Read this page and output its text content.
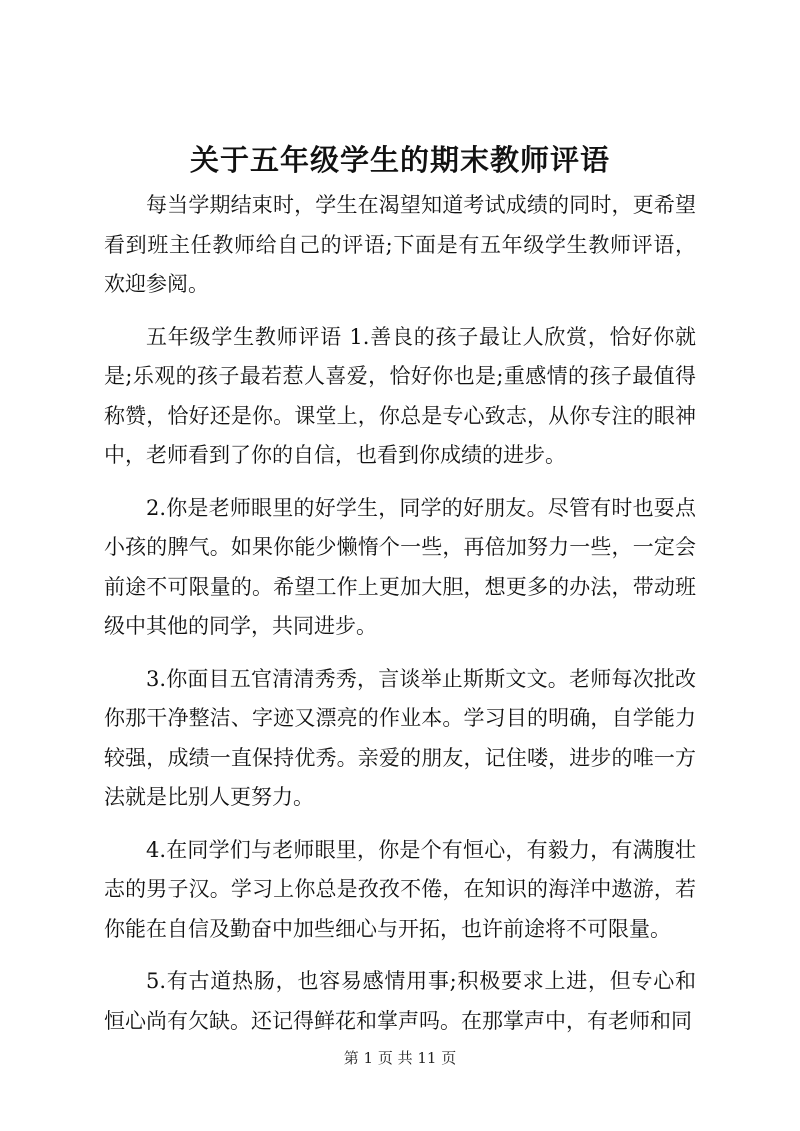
关于五年级学生的期末教师评语

每当学期结束时，学生在渴望知道考试成绩的同时，更希望看到班主任教师给自己的评语;下面是有五年级学生教师评语，欢迎参阅。

五年级学生教师评语 1.善良的孩子最让人欣赏，恰好你就是;乐观的孩子最若惹人喜爱，恰好你也是;重感情的孩子最值得称赞，恰好还是你。课堂上，你总是专心致志，从你专注的眼神中，老师看到了你的自信，也看到你成绩的进步。

2.你是老师眼里的好学生，同学的好朋友。尽管有时也耍点小孩的脾气。如果你能少懒惰个一些，再倍加努力一些，一定会前途不可限量的。希望工作上更加大胆，想更多的办法，带动班级中其他的同学，共同进步。

3.你面目五官清清秀秀，言谈举止斯斯文文。老师每次批改你那干净整洁、字迹又漂亮的作业本。学习目的明确，自学能力较强，成绩一直保持优秀。亲爱的朋友，记住喽，进步的唯一方法就是比别人更努力。

4.在同学们与老师眼里，你是个有恒心，有毅力，有满腹壮志的男子汉。学习上你总是孜孜不倦，在知识的海洋中遨游，若你能在自信及勤奋中加些细心与开拓，也许前途将不可限量。

5.有古道热肠，也容易感情用事;积极要求上进，但专心和恒心尚有欠缺。还记得鲜花和掌声吗。在那掌声中，有老师和同

第 1 页 共 11 页
